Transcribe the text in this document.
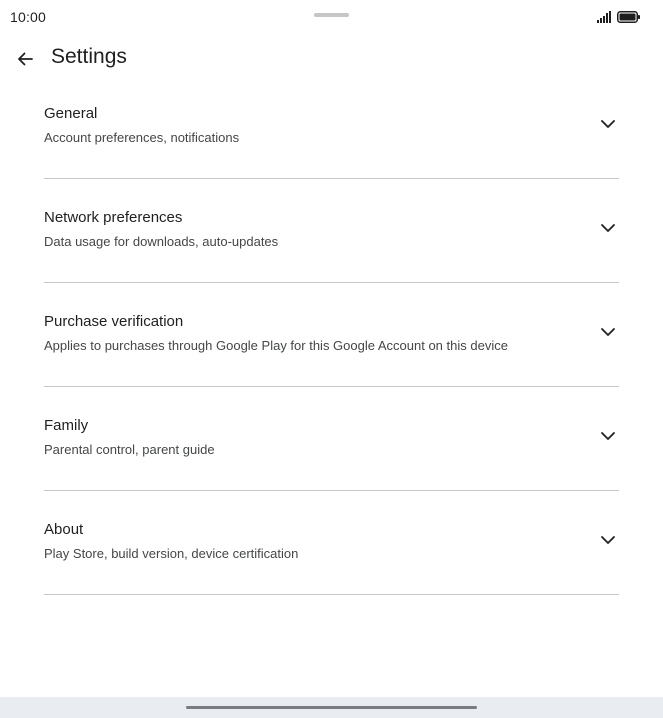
10:00
Settings
General
Account preferences, notifications
Network preferences
Data usage for downloads, auto-updates
Purchase verification
Applies to purchases through Google Play for this Google Account on this device
Family
Parental control, parent guide
About
Play Store, build version, device certification
